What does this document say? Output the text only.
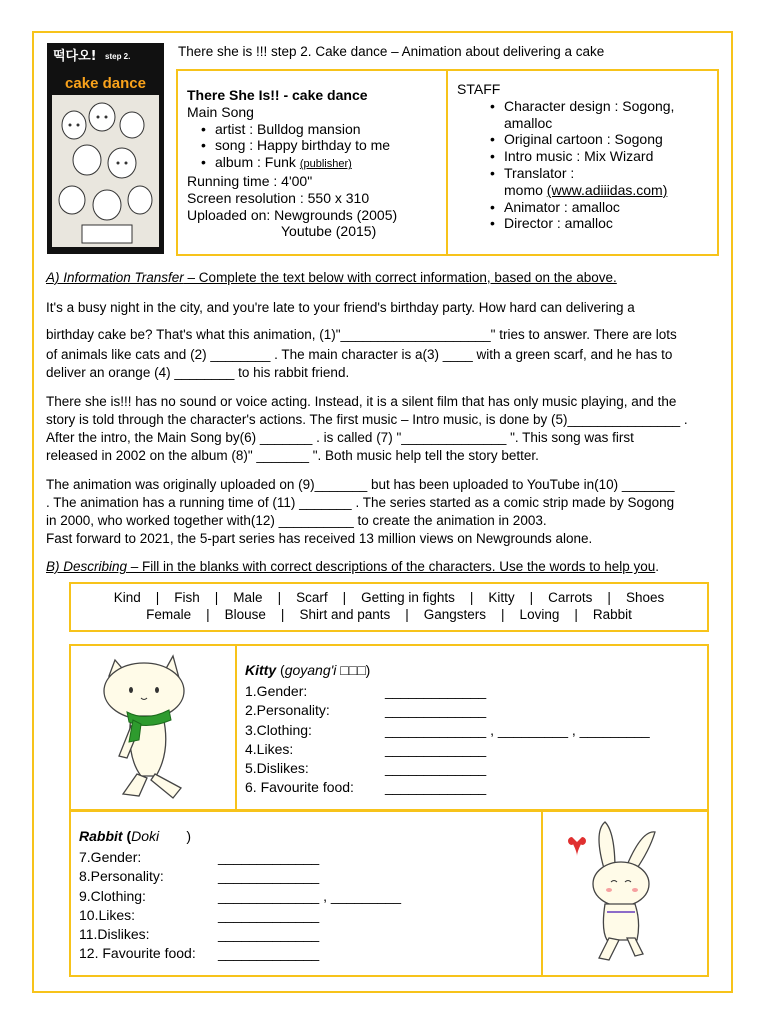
떡다오! step 2.
cake dance
There she is !!! step 2. Cake dance – Animation about delivering a cake
There She Is!! - cake dance
Main Song
• artist : Bulldog mansion
• song : Happy birthday to me
• album : Funk (publisher)
Running time : 4'00"
Screen resolution : 550 x 310
Uploaded on: Newgrounds (2005)
Youtube (2015)
STAFF
• Character design : Sogong, amalloc
• Original cartoon : Sogong
• Intro music : Mix Wizard
• Translator :
momo (www.adiiidas.com)
• Animator : amalloc
• Director : amalloc
A) Information Transfer – Complete the text below with correct information, based on the above.
It's a busy night in the city, and you're late to your friend's birthday party. How hard can delivering a
birthday cake be? That's what this animation, (1)"____________________" tries to answer. There are lots
of animals like cats and (2) ________ . The main character is a(3) ____ with a green scarf, and he has to
deliver an orange (4) ________ to his rabbit friend.
There she is!!! has no sound or voice acting. Instead, it is a silent film that has only music playing, and the
story is told through the character's actions. The first music – Intro music, is done by (5)_______________ .
After the intro, the Main Song by(6) _______ . is called (7) "______________ ". This song was first
released in 2002 on the album (8)" _______ ". Both music help tell the story better.
The animation was originally uploaded on (9)_______ but has been uploaded to YouTube in(10) _______
. The animation has a running time of (11) _______ . The series started as a comic strip made by Sogong
in 2000, who worked together with(12) __________ to create the animation in 2003.
Fast forward to 2021, the 5-part series has received 13 million views on Newgrounds alone.
B) Describing – Fill in the blanks with correct descriptions of the characters. Use the words to help you.
Kind    |    Fish    |    Male    |    Scarf    |    Getting in fights    |    Kitty    |    Carrots    |    Shoes
Female    |    Blouse    |    Shirt and pants    |    Gangsters    |    Loving    |    Rabbit
Kitty (goyang'i □□□)
1.Gender:	_____________
2.Personality:	_____________
3.Clothing:	_____________ , _________ , _________
4.Likes:	_____________
5.Dislikes:	_____________
6. Favourite food: _____________
Rabbit (Doki       )
7.Gender:	_____________
8.Personality:	_____________
9.Clothing:	_____________ , _________
10.Likes:	_____________
11.Dislikes:	_____________
12. Favourite food: _____________
